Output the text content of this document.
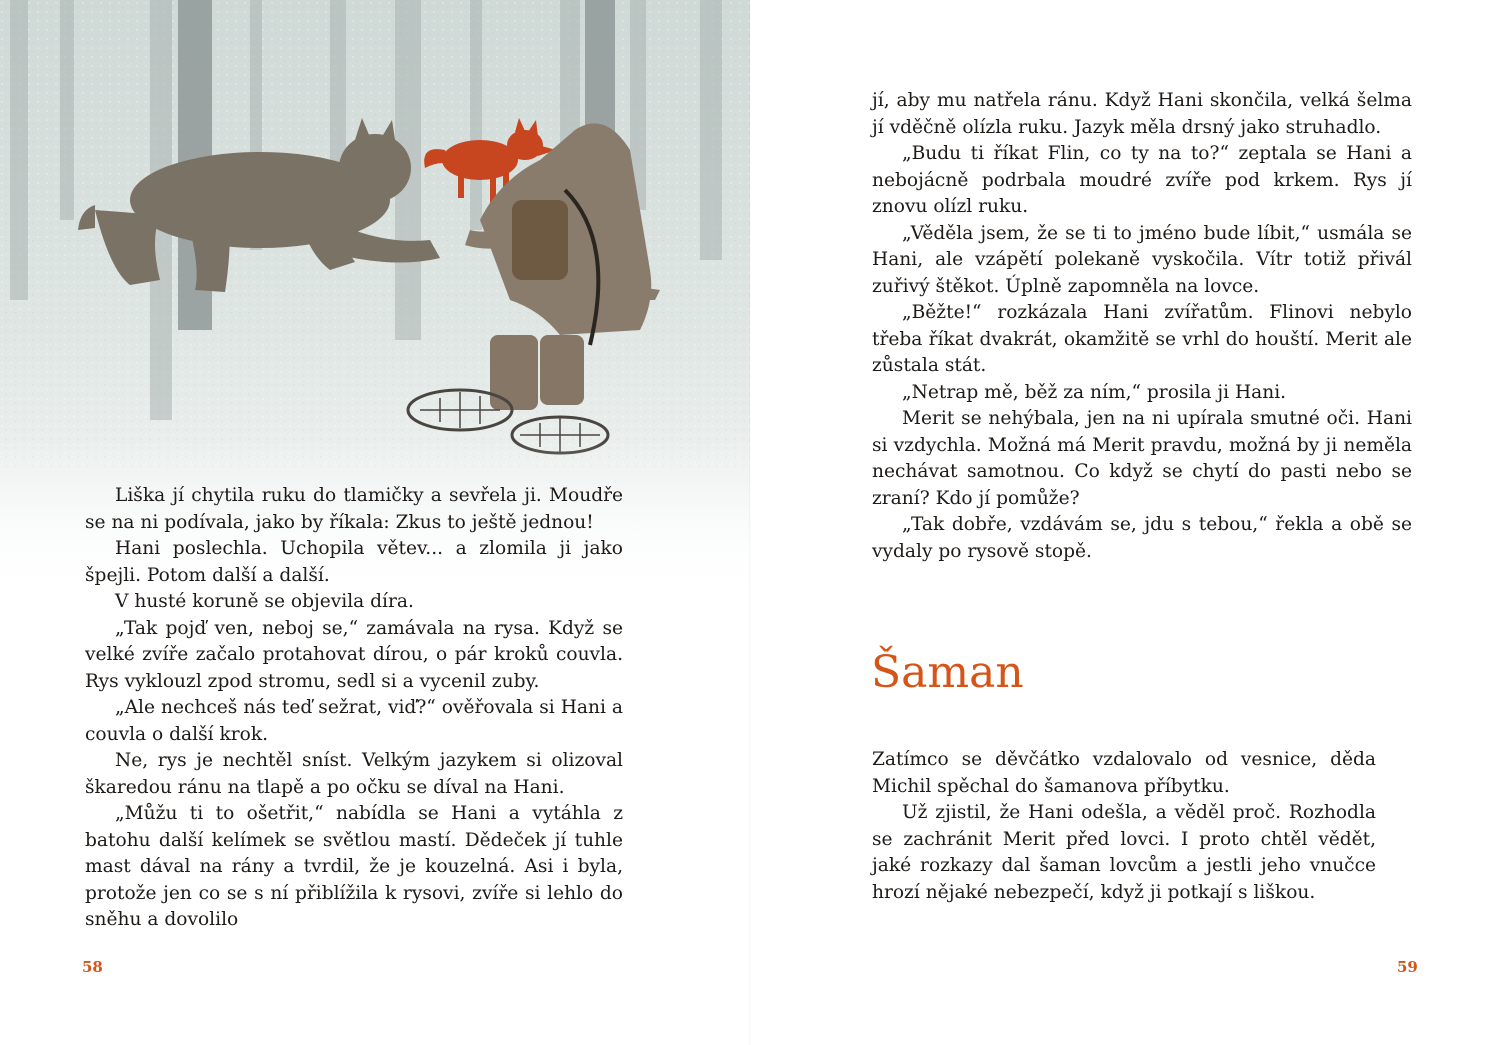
Liška jí chytila ruku do tlamičky a sevřela ji. Moudře se na ni podívala, jako by říkala: Zkus to ještě jednou!

Hani poslechla. Uchopila větev... a zlomila ji jako špejli. Potom další a další.

V husté koruně se objevila díra.

„Tak pojď ven, neboj se,“ zamávala na rysa. Když se velké zvíře začalo protahovat dírou, o pár kroků couvla. Rys vyklouzl zpod stromu, sedl si a vycenil zuby.

„Ale nechceš nás teď sežrat, viď?“ ověřovala si Hani a couvla o další krok.

Ne, rys je nechtěl sníst. Velkým jazykem si olizoval škaredou ránu na tlapě a po očku se díval na Hani.

„Můžu ti to ošetřit,“ nabídla se Hani a vytáhla z batohu další kelímek se světlou mastí. Dědeček jí tuhle mast dával na rány a tvrdil, že je kouzelná. Asi i byla, protože jen co se s ní přiblížila k rysovi, zvíře si lehlo do sněhu a dovolilo

58

jí, aby mu natřela ránu. Když Hani skončila, velká šelma jí vděčně olízla ruku. Jazyk měla drsný jako struhadlo.

„Budu ti říkat Flin, co ty na to?“ zeptala se Hani a nebojácně podrbala moudré zvíře pod krkem. Rys jí znovu olízl ruku.

„Věděla jsem, že se ti to jméno bude líbit,“ usmála se Hani, ale vzápětí polekaně vyskočila. Vítr totiž přivál zuřivý štěkot. Úplně zapomněla na lovce.

„Běžte!“ rozkázala Hani zvířatům. Flinovi nebylo třeba říkat dvakrát, okamžitě se vrhl do houští. Merit ale zůstala stát.

„Netrap mě, běž za ním,“ prosila ji Hani.

Merit se nehýbala, jen na ni upírala smutné oči. Hani si vzdychla. Možná má Merit pravdu, možná by ji neměla nechávat samotnou. Co když se chytí do pasti nebo se zraní? Kdo jí pomůže?

„Tak dobře, vzdávám se, jdu s tebou,“ řekla a obě se vydaly po rysově stopě.

Šaman

Zatímco se děvčátko vzdalovalo od vesnice, děda Michil spěchal do šamanova příbytku.

Už zjistil, že Hani odešla, a věděl proč. Rozhodla se zachránit Merit před lovci. I proto chtěl vědět, jaké rozkazy dal šaman lovcům a jestli jeho vnučce hrozí nějaké nebezpečí, když ji potkají s liškou.

59
